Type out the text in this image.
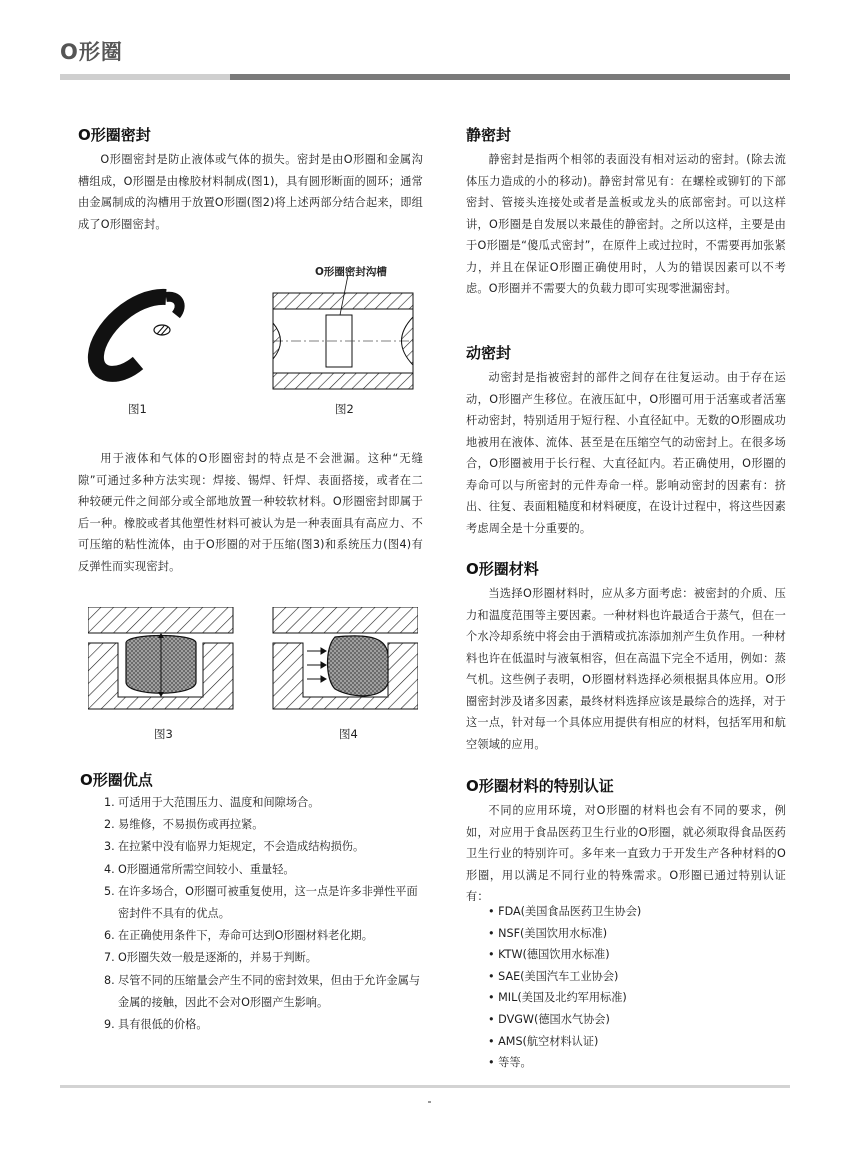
O形圈
O形圈密封

O形圈密封是防止液体或气体的损失。密封是由O形圈和金属沟槽组成，O形圈是由橡胶材料制成(图1)，具有圆形断面的圆环；通常由金属制成的沟槽用于放置O形圈(图2)将上述两部分结合起来，即组成了O形圈密封。

O形圈密封沟槽
图1	图2

用于液体和气体的O形圈密封的特点是不会泄漏。这种“无缝隙”可通过多种方法实现：焊接、锡焊、钎焊、表面搭接，或者在二种较硬元件之间部分或全部地放置一种较软材料。O形圈密封即属于后一种。橡胶或者其他塑性材料可被认为是一种表面具有高应力、不可压缩的粘性流体，由于O形圈的对于压缩(图3)和系统压力(图4)有反弹性而实现密封。

图3	图4
O形圈优点
1. 可适用于大范围压力、温度和间隙场合。
2. 易维修，不易损伤或再拉紧。
3. 在拉紧中没有临界力矩规定，不会造成结构损伤。
4. O形圈通常所需空间较小、重量轻。
5. 在许多场合，O形圈可被重复使用，这一点是许多非弹性平面密封件不具有的优点。
6. 在正确使用条件下，寿命可达到O形圈材料老化期。
7. O形圈失效一般是逐渐的，并易于判断。
8. 尽管不同的压缩量会产生不同的密封效果，但由于允许金属与金属的接触，因此不会对O形圈产生影响。
9. 具有很低的价格。
静密封

静密封是指两个相邻的表面没有相对运动的密封。(除去流体压力造成的小的移动)。静密封常见有：在螺栓或铆钉的下部密封、管接头连接处或者是盖板或龙头的底部密封。可以这样讲，O形圈是自发展以来最佳的静密封。之所以这样，主要是由于O形圈是“傻瓜式密封”，在原件上或过拉时，不需要再加张紧力，并且在保证O形圈正确使用时，人为的错误因素可以不考虑。O形圈并不需要大的负载力即可实现零泄漏密封。

动密封

动密封是指被密封的部件之间存在往复运动。由于存在运动，O形圈产生移位。在液压缸中，O形圈可用于活塞或者活塞杆动密封，特别适用于短行程、小直径缸中。无数的O形圈成功地被用在液体、流体、甚至是在压缩空气的动密封上。在很多场合，O形圈被用于长行程、大直径缸内。若正确使用，O形圈的寿命可以与所密封的元件寿命一样。影响动密封的因素有：挤出、往复、表面粗糙度和材料硬度，在设计过程中，将这些因素考虑周全是十分重要的。

O形圈材料

当选择O形圈材料时，应从多方面考虑：被密封的介质、压力和温度范围等主要因素。一种材料也许最适合于蒸气，但在一个水冷却系统中将会由于酒精或抗冻添加剂产生负作用。一种材料也许在低温时与液氧相容，但在高温下完全不适用，例如：蒸气机。这些例子表明，O形圈材料选择必须根据具体应用。O形圈密封涉及诸多因素，最终材料选择应该是最综合的选择，对于这一点，针对每一个具体应用提供有相应的材料，包括军用和航空领域的应用。

O形圈材料的特别认证

不同的应用环境，对O形圈的材料也会有不同的要求，例如，对应用于食品医药卫生行业的O形圈，就必须取得食品医药卫生行业的特别许可。多年来一直致力于开发生产各种材料的O形圈，用以满足不同行业的特殊需求。O形圈已通过特别认证有：

• FDA(美国食品医药卫生协会)
• NSF(美国饮用水标准)
• KTW(德国饮用水标准)
• SAE(美国汽车工业协会)
• MIL(美国及北约军用标准)
• DVGW(德国水气协会)
• AMS(航空材料认证)
• 等等。
